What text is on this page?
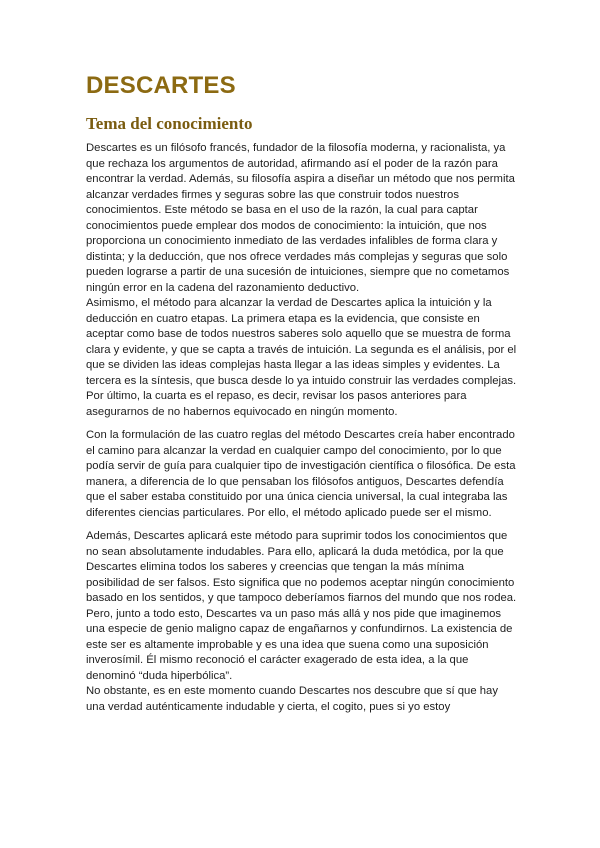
DESCARTES
Tema del conocimiento

Descartes es un filósofo francés, fundador de la filosofía moderna, y racionalista, ya que rechaza los argumentos de autoridad, afirmando así el poder de la razón para encontrar la verdad. Además, su filosofía aspira a diseñar un método que nos permita alcanzar verdades firmes y seguras sobre las que construir todos nuestros conocimientos. Este método se basa en el uso de la razón, la cual para captar conocimientos puede emplear dos modos de conocimiento: la intuición, que nos proporciona un conocimiento inmediato de las verdades infalibles de forma clara y distinta; y la deducción, que nos ofrece verdades más complejas y seguras que solo pueden lograrse a partir de una sucesión de intuiciones, siempre que no cometamos ningún error en la cadena del razonamiento deductivo.

Asimismo, el método para alcanzar la verdad de Descartes aplica la intuición y la deducción en cuatro etapas. La primera etapa es la evidencia, que consiste en aceptar como base de todos nuestros saberes solo aquello que se muestra de forma clara y evidente, y que se capta a través de intuición. La segunda es el análisis, por el que se dividen las ideas complejas hasta llegar a las ideas simples y evidentes. La tercera es la síntesis, que busca desde lo ya intuido construir las verdades complejas. Por último, la cuarta es el repaso, es decir, revisar los pasos anteriores para asegurarnos de no habernos equivocado en ningún momento.

Con la formulación de las cuatro reglas del método Descartes creía haber encontrado el camino para alcanzar la verdad en cualquier campo del conocimiento, por lo que podía servir de guía para cualquier tipo de investigación científica o filosófica. De esta manera, a diferencia de lo que pensaban los filósofos antiguos, Descartes defendía que el saber estaba constituido por una única ciencia universal, la cual integraba las diferentes ciencias particulares. Por ello, el método aplicado puede ser el mismo.

Además, Descartes aplicará este método para suprimir todos los conocimientos que no sean absolutamente indudables. Para ello, aplicará la duda metódica, por la que Descartes elimina todos los saberes y creencias que tengan la más mínima posibilidad de ser falsos. Esto significa que no podemos aceptar ningún conocimiento basado en los sentidos, y que tampoco deberíamos fiarnos del mundo que nos rodea. Pero, junto a todo esto, Descartes va un paso más allá y nos pide que imaginemos una especie de genio maligno capaz de engañarnos y confundirnos. La existencia de este ser es altamente improbable y es una idea que suena como una suposición inverosímil. Él mismo reconoció el carácter exagerado de esta idea, a la que denominó “duda hiperbólica”.

No obstante, es en este momento cuando Descartes nos descubre que sí que hay una verdad auténticamente indudable y cierta, el cogito, pues si yo estoy
